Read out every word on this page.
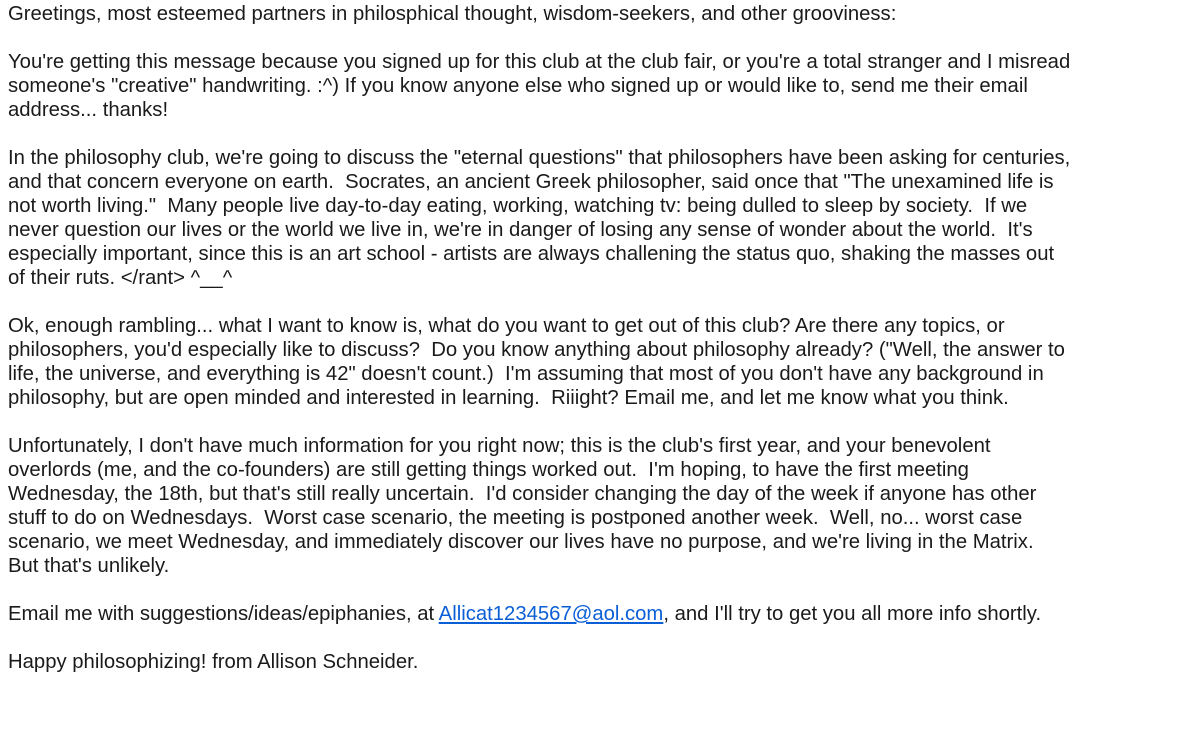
Greetings, most esteemed partners in philosphical thought, wisdom-seekers, and other grooviness:
You're getting this message because you signed up for this club at the club fair, or you're a total stranger and I misread
someone's "creative" handwriting. :^) If you know anyone else who signed up or would like to, send me their email
address... thanks!
In the philosophy club, we're going to discuss the "eternal questions" that philosophers have been asking for centuries,
and that concern everyone on earth.  Socrates, an ancient Greek philosopher, said once that "The unexamined life is
not worth living."  Many people live day-to-day eating, working, watching tv: being dulled to sleep by society.  If we
never question our lives or the world we live in, we're in danger of losing any sense of wonder about the world.  It's
especially important, since this is an art school - artists are always challening the status quo, shaking the masses out
of their ruts. </rant> ^__^
Ok, enough rambling... what I want to know is, what do you want to get out of this club? Are there any topics, or
philosophers, you'd especially like to discuss?  Do you know anything about philosophy already? ("Well, the answer to
life, the universe, and everything is 42" doesn't count.)  I'm assuming that most of you don't have any background in
philosophy, but are open minded and interested in learning.  Riiight? Email me, and let me know what you think.
Unfortunately, I don't have much information for you right now; this is the club's first year, and your benevolent
overlords (me, and the co-founders) are still getting things worked out.  I'm hoping, to have the first meeting
Wednesday, the 18th, but that's still really uncertain.  I'd consider changing the day of the week if anyone has other
stuff to do on Wednesdays.  Worst case scenario, the meeting is postponed another week.  Well, no... worst case
scenario, we meet Wednesday, and immediately discover our lives have no purpose, and we're living in the Matrix.
But that's unlikely.
Email me with suggestions/ideas/epiphanies, at Allicat1234567@aol.com, and I'll try to get you all more info shortly.
Happy philosophizing! from Allison Schneider.
